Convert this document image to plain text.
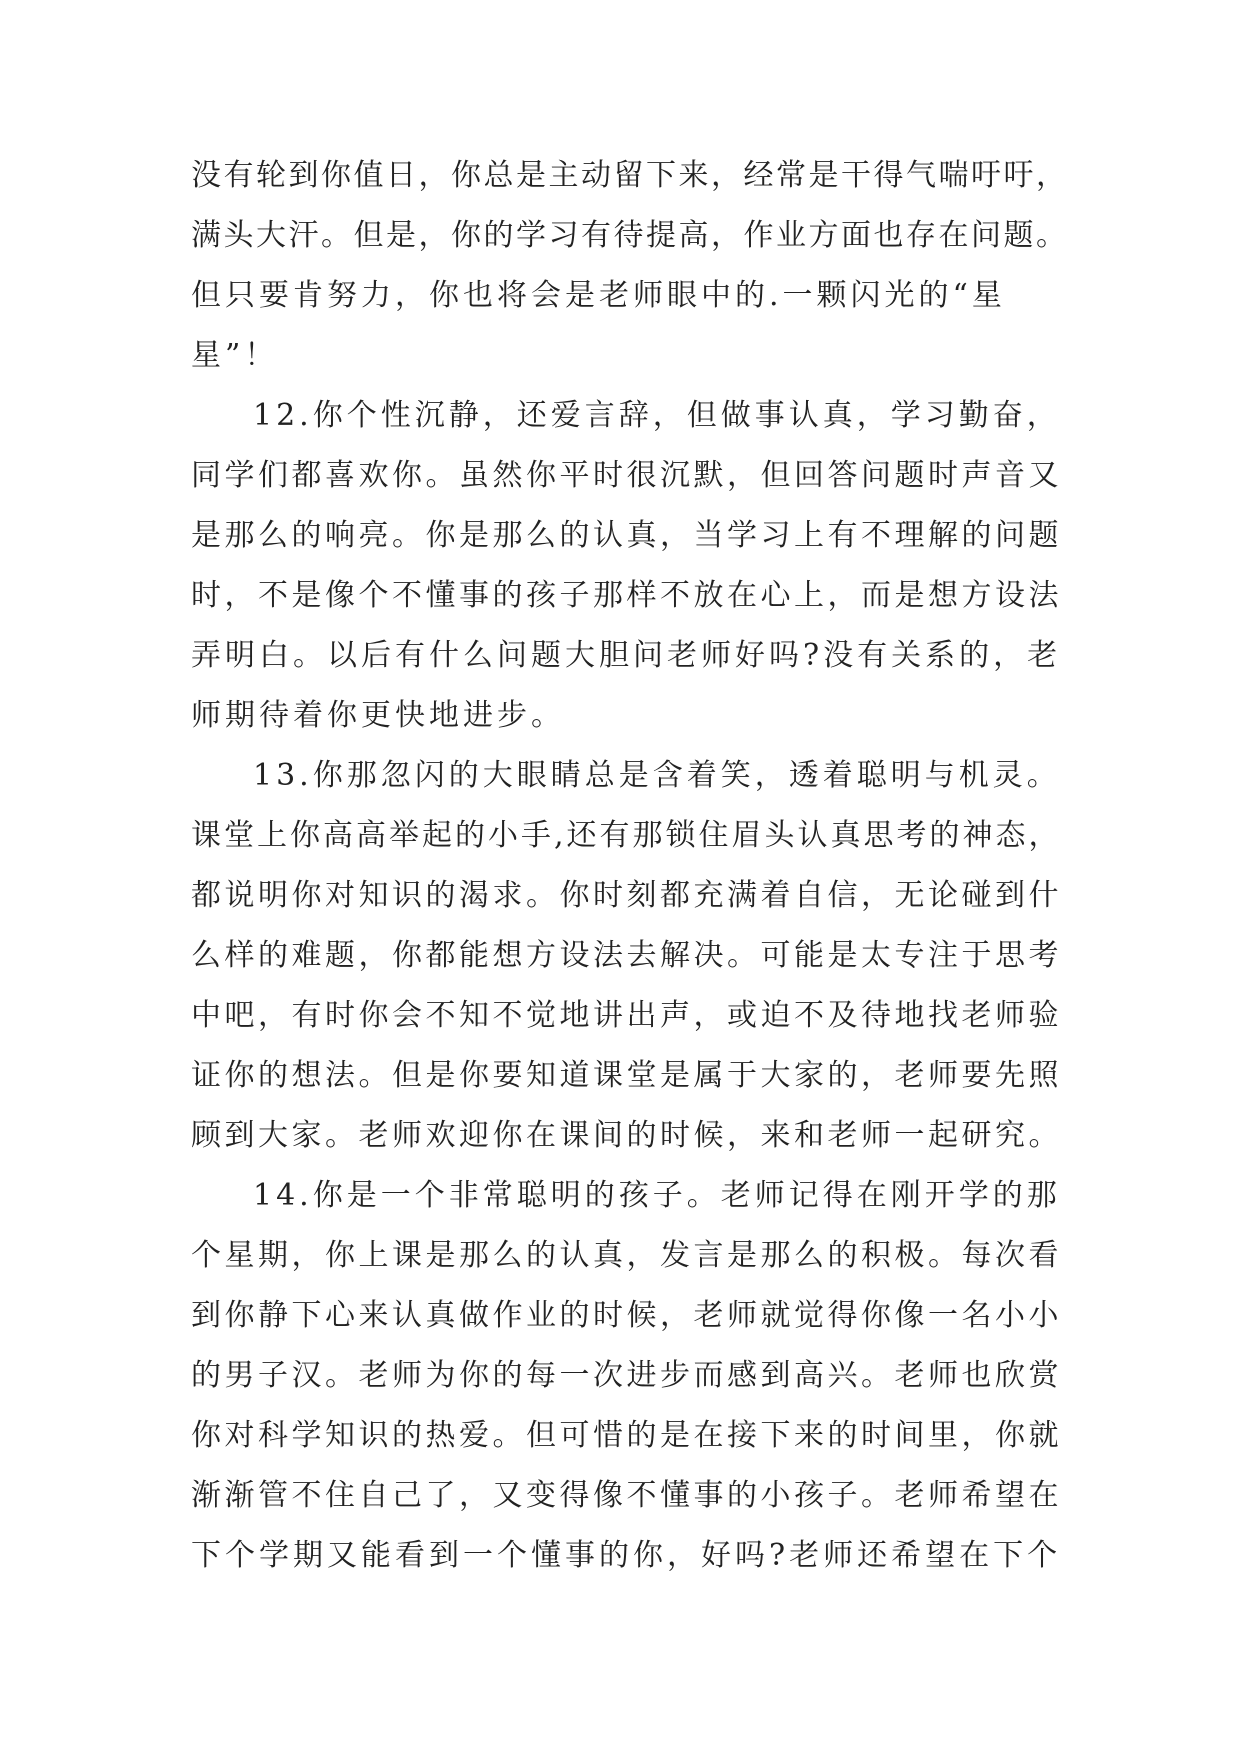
没有轮到你值日，你总是主动留下来，经常是干得气喘吁吁，
满头大汗。但是，你的学习有待提高，作业方面也存在问题。
但只要肯努力，你也将会是老师眼中的.一颗闪光的“星
星”！
12.你个性沉静，还爱言辞，但做事认真，学习勤奋，
同学们都喜欢你。虽然你平时很沉默，但回答问题时声音又
是那么的响亮。你是那么的认真，当学习上有不理解的问题
时，不是像个不懂事的孩子那样不放在心上，而是想方设法
弄明白。以后有什么问题大胆问老师好吗?没有关系的，老
师期待着你更快地进步。
13.你那忽闪的大眼睛总是含着笑，透着聪明与机灵。
课堂上你高高举起的小手,还有那锁住眉头认真思考的神态，
都说明你对知识的渴求。你时刻都充满着自信，无论碰到什
么样的难题，你都能想方设法去解决。可能是太专注于思考
中吧，有时你会不知不觉地讲出声，或迫不及待地找老师验
证你的想法。但是你要知道课堂是属于大家的，老师要先照
顾到大家。老师欢迎你在课间的时候，来和老师一起研究。
14.你是一个非常聪明的孩子。老师记得在刚开学的那
个星期，你上课是那么的认真，发言是那么的积极。每次看
到你静下心来认真做作业的时候，老师就觉得你像一名小小
的男子汉。老师为你的每一次进步而感到高兴。老师也欣赏
你对科学知识的热爱。但可惜的是在接下来的时间里，你就
渐渐管不住自己了，又变得像不懂事的小孩子。老师希望在
下个学期又能看到一个懂事的你，好吗?老师还希望在下个
